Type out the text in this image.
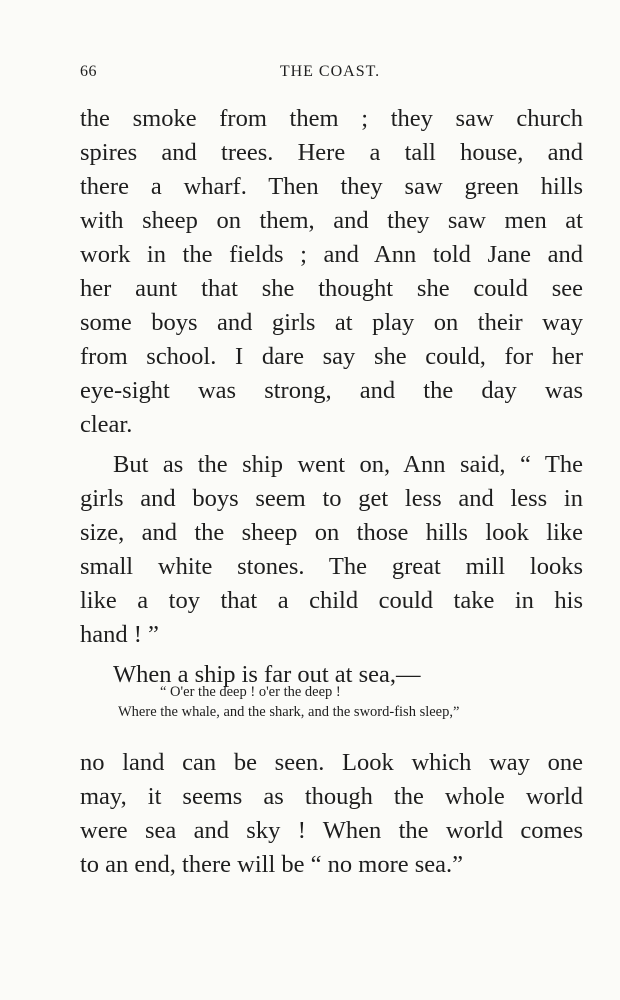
66	THE COAST.
the smoke from them ; they saw church
spires and trees. Here a tall house, and
there a wharf. Then they saw green hills
with sheep on them, and they saw men at
work in the fields ; and Ann told Jane and
her aunt that she thought she could see
some boys and girls at play on their way
from school. I dare say she could, for her
eye-sight was strong, and the day was
clear.
But as the ship went on, Ann said, “ The
girls and boys seem to get less and less in
size, and the sheep on those hills look like
small white stones. The great mill looks
like a toy that a child could take in his
hand ! ”
When a ship is far out at sea,—
“ O'er the deep ! o'er the deep !
Where the whale, and the shark, and the sword-fish sleep,”
no land can be seen. Look which way one
may, it seems as though the whole world
were sea and sky ! When the world comes
to an end, there will be “ no more sea.”
